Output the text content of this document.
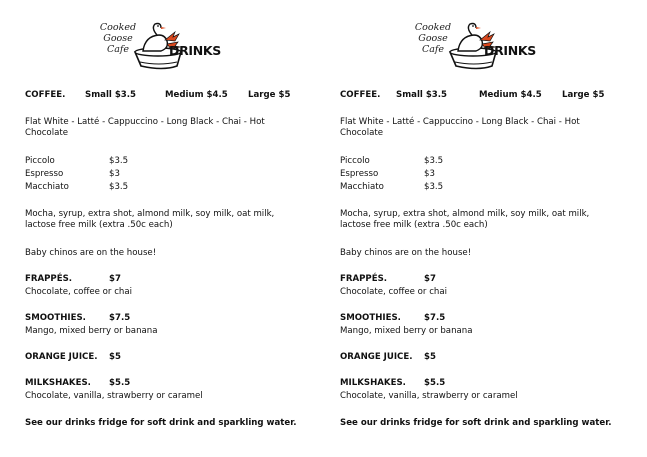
Cooked
Goose
Cafe	DRINKS
COFFEE. Small $3.5	Medium $4.5 Large $5
Flat White - Latté - Cappuccino - Long Black - Chai - Hot Chocolate
Piccolo	$3.5
Espresso	$3
Macchiato	$3.5
Mocha, syrup, extra shot, almond milk, soy milk, oat milk, lactose free milk (extra .50c each)
Baby chinos are on the house!
FRAPPÉS.	$7
Chocolate, coffee or chai
SMOOTHIES.	$7.5
Mango, mixed berry or banana
ORANGE JUICE. $5
MILKSHAKES. $5.5
Chocolate, vanilla, strawberry or caramel
See our drinks fridge for soft drink and sparkling water.
Cooked
Goose
Cafe	DRINKS
COFFEE. Small $3.5	Medium $4.5 Large $5
Flat White - Latté - Cappuccino - Long Black - Chai - Hot Chocolate
Piccolo	$3.5
Espresso	$3
Macchiato	$3.5
Mocha, syrup, extra shot, almond milk, soy milk, oat milk, lactose free milk (extra .50c each)
Baby chinos are on the house!
FRAPPÉS.	$7
Chocolate, coffee or chai
SMOOTHIES.	$7.5
Mango, mixed berry or banana
ORANGE JUICE. $5
MILKSHAKES. $5.5
Chocolate, vanilla, strawberry or caramel
See our drinks fridge for soft drink and sparkling water.
